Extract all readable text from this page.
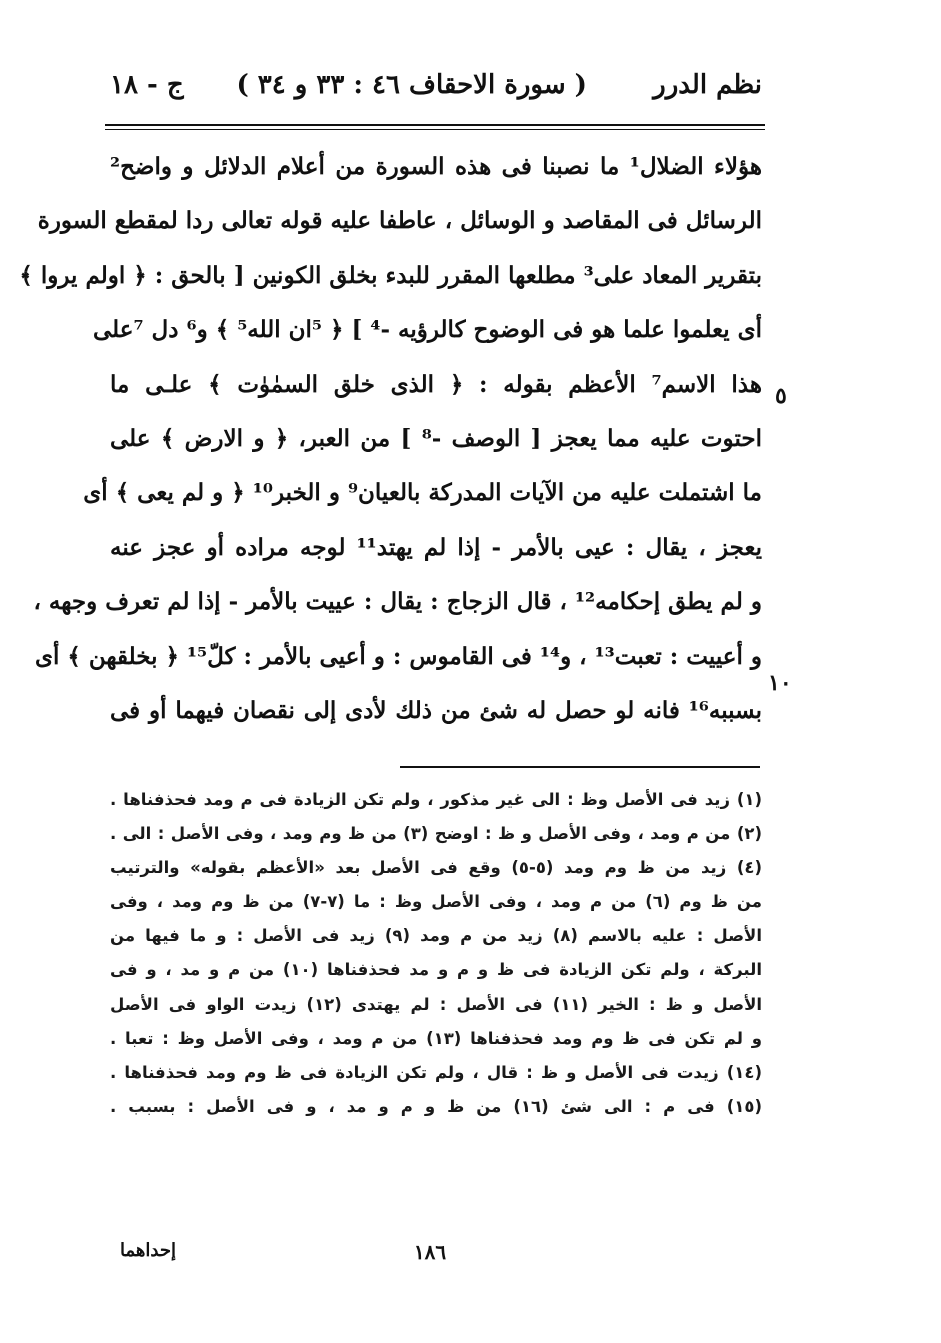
نظم الدرر
( سورة الاحقاف ٤٦ : ٣٣ و ٣٤ )
ج - ١٨
هؤلاء الضلال¹ ما نصبنا فى هذه السورة من أعلام الدلائل و واضح²
الرسائل فى المقاصد و الوسائل ، عاطفا عليه قوله تعالى ردا لمقطع السورة
بتقرير المعاد على³ مطلعها المقرر للبدء بخلق الكونين [ بالحق : ﴿ اولم يروا ﴾
أى يعلموا علما هو فى الوضوح كالرؤيه -⁴ ] ﴿ ⁵ان الله⁵ ﴾ و⁶ دل ⁷على
هذا الاسم⁷ الأعظم بقوله : ﴿ الذى خلق السمٰوٰت ﴾ علـى ما
احتوت عليه مما يعجز [ الوصف -⁸ ] من العبر، ﴿ و الارض ﴾ على
ما اشتملت عليه من الآيات المدركة بالعيان⁹ و الخبر¹⁰ ﴿ و لم يعى ﴾ أى
يعجز ، يقال : عيى بالأمر - إذا لم يهتد¹¹ لوجه مراده أو عجز عنه
و لم يطق إحكامه¹² ، قال الزجاج : يقال : عييت بالأمر - إذا لم تعرف وجهه ،
و أعييت : تعبت¹³ ، و¹⁴ فى القاموس : و أعيى بالأمر : كلّ¹⁵ ﴿ بخلقهن ﴾ أى
بسببه¹⁶ فانه لو حصل له شئ من ذلك لأدى إلى نقصان فيهما أو فى
٥
١٠
(١) زيد فى الأصل وظ : الى غير مذكور ، ولم تكن الزيادة فى م ومد فحذفناها .
(٢) من م ومد ، وفى الأصل و ظ : اوضح (٣) من ظ وم ومد ، وفى الأصل : الى .
(٤) زيد من ظ وم ومد (٥-٥) وقع فى الأصل بعد «الأعظم بقوله» والترتيب
من ظ وم (٦) من م ومد ، وفى الأصل وظ : ما (٧-٧) من ظ وم ومد ، وفى
الأصل : عليه بالاسم (٨) زيد من م ومد (٩) زيد فى الأصل : و ما فيها من
البركة ، ولم تكن الزيادة فى ظ و م و مد فحذفناها (١٠) من م و مد ، و فى
الأصل و ظ : الخير (١١) فى الأصل : لم يهتدى (١٢) زيدت الواو فى الأصل
و لم تكن فى ظ وم ومد فحذفناها (١٣) من م ومد ، وفى الأصل وظ : تعبا .
(١٤) زيدت فى الأصل و ظ : قال ، ولم تكن الزيادة فى ظ وم ومد فحذفناها .
(١٥) فى م : الى شئ (١٦) من ظ و م و مد ، و فى الأصل : بسبب .
١٨٦
إحداهما
